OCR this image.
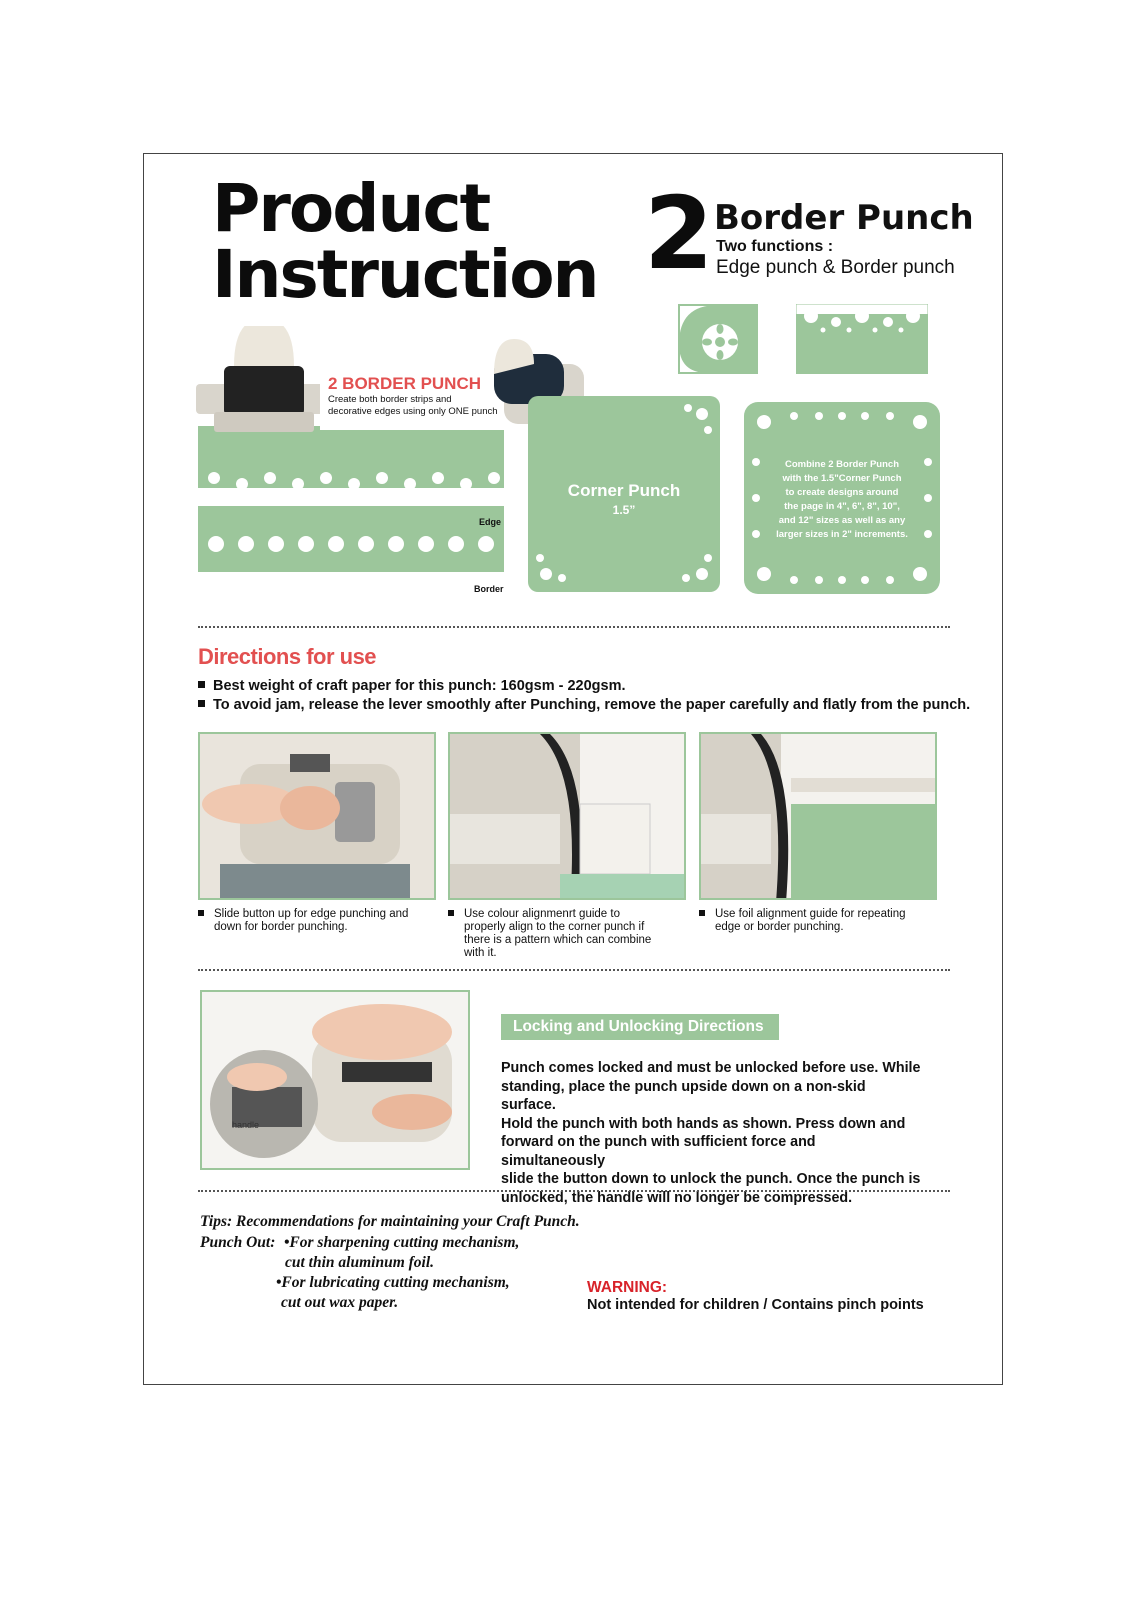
Product
Instruction 2 Border Punch
Two functions :
Edge punch & Border punch
2 BORDER PUNCH
Create both border strips and
decorative edges using only ONE punch
Edge
Border
Corner Punch
1.5”
Combine 2 Border Punch
with the 1.5"Corner Punch
to create designs around
the page in 4", 6", 8", 10",
and 12" sizes as well as any
larger sizes in 2" increments.
Directions for use
Best weight of craft paper for this punch: 160gsm - 220gsm.
To avoid jam, release the lever smoothly after Punching, remove the paper carefully and flatly from the punch.
Slide button up for edge punching and down for border punching.
Use colour alignmenrt guide to properly align to the corner punch if there is a pattern which can combine with it.
Use foil alignment guide for repeating edge or border punching.
handle
Locking and Unlocking Directions
Punch comes locked and must be unlocked before use. While
standing, place the punch upside down on a non-skid surface.
Hold the punch with both hands as shown. Press down and
forward on the punch with sufficient force and simultaneously
slide the button down to unlock the punch. Once the punch is
unlocked, the handle will no longer be compressed.
Tips: Recommendations for maintaining your Craft Punch.
Punch Out: •For sharpening cutting mechanism,
cut thin aluminum foil.
•For lubricating cutting mechanism,
cut out wax paper.
WARNING:
Not intended for children / Contains pinch points
